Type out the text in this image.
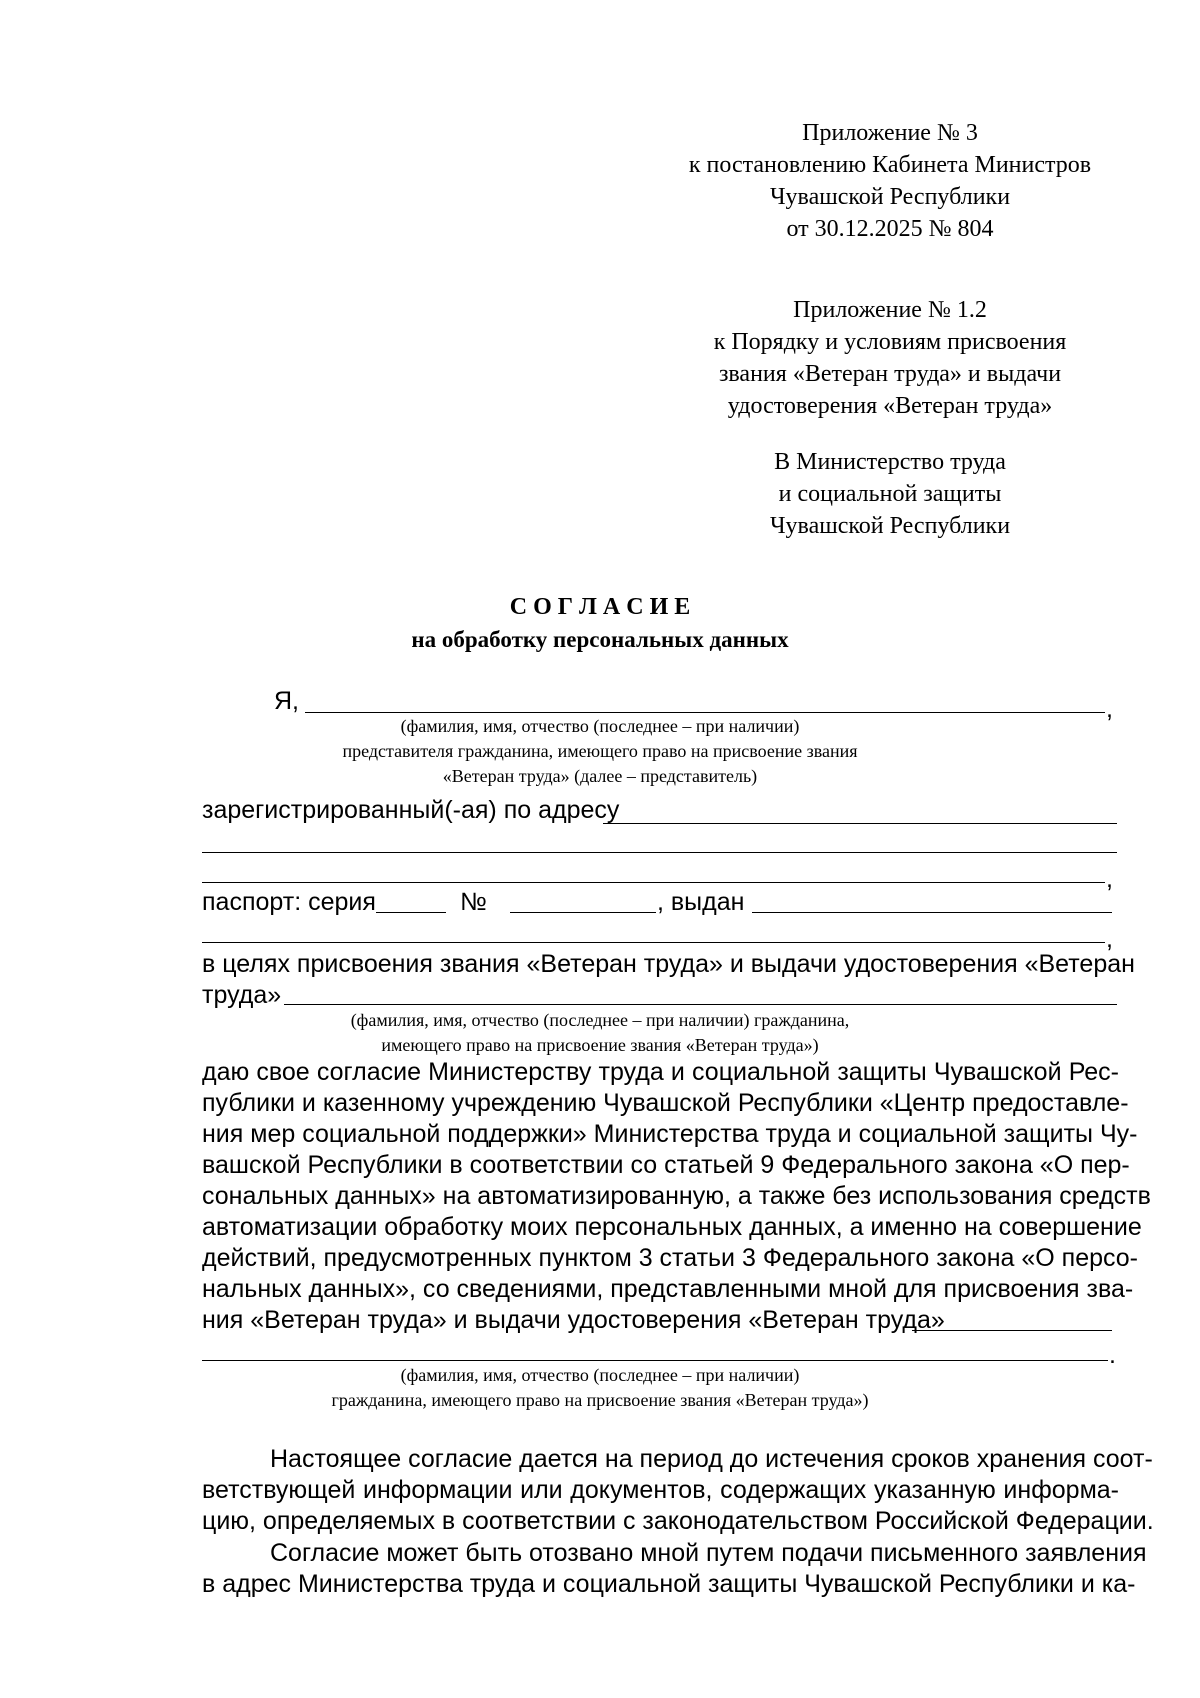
Приложение № 3
к постановлению Кабинета Министров
Чувашской Республики
от 30.12.2025 № 804
Приложение № 1.2
к Порядку и условиям присвоения
звания «Ветеран труда» и выдачи
удостоверения «Ветеран труда»
В Министерство труда
и социальной защиты
Чувашской Республики
С О Г Л А С И Е
на обработку персональных данных
Я,	,
(фамилия, имя, отчество (последнее – при наличии)
представителя гражданина, имеющего право на присвоение звания
«Ветеран труда» (далее – представитель)
зарегистрированный(-ая) по адресу
,
паспорт: серия	№	, выдан
,
в целях присвоения звания «Ветеран труда» и выдачи удостоверения «Ветеран
труда»
(фамилия, имя, отчество (последнее – при наличии) гражданина,
имеющего право на присвоение звания «Ветеран труда»)
даю свое согласие Министерству труда и социальной защиты Чувашской Рес-
публики и казенному учреждению Чувашской Республики «Центр предоставле-
ния мер социальной поддержки» Министерства труда и социальной защиты Чу-
вашской Республики в соответствии со статьей 9 Федерального закона «О пер-
сональных данных» на автоматизированную, а также без использования средств
автоматизации обработку моих персональных данных, а именно на совершение
действий, предусмотренных пунктом 3 статьи 3 Федерального закона «О персо-
нальных данных», со сведениями, представленными мной для присвоения зва-
ния «Ветеран труда» и выдачи удостоверения «Ветеран труда»
.
(фамилия, имя, отчество (последнее – при наличии)
гражданина, имеющего право на присвоение звания «Ветеран труда»)
Настоящее согласие дается на период до истечения сроков хранения соот-
ветствующей информации или документов, содержащих указанную информа-
цию, определяемых в соответствии с законодательством Российской Федерации.
Согласие может быть отозвано мной путем подачи письменного заявления
в адрес Министерства труда и социальной защиты Чувашской Республики и ка-
